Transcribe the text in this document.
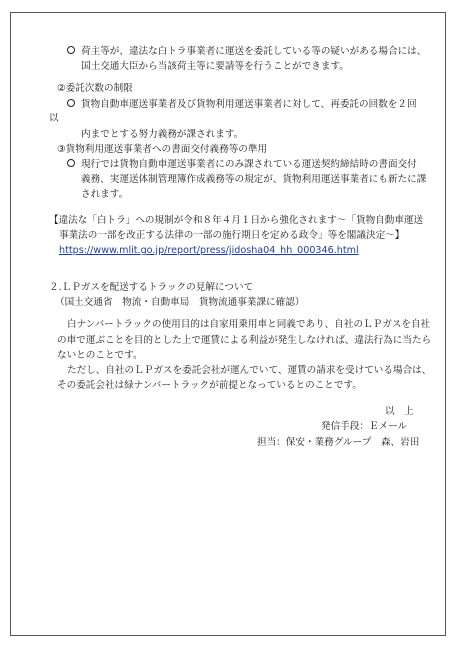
荷主等が、違法な白トラ事業者に運送を委託している等の疑いがある場合には、
国土交通大臣から当該荷主等に要請等を行うことができます。
②委託次数の制限
貨物自動車運送事業者及び貨物利用運送事業者に対して、再委託の回数を２回
以
内までとする努力義務が課されます。
③貨物利用運送事業者への書面交付義務等の準用
現行では貨物自動車運送事業者にのみ課されている運送契約締結時の書面交付
義務、実運送体制管理簿作成義務等の規定が、貨物利用運送事業者にも新たに課
されます。
【違法な「白トラ」への規制が令和８年４月１日から強化されます～「貨物自動車運送
事業法の一部を改正する法律の一部の施行期日を定める政令」等を閣議決定～】
https://www.mlit.go.jp/report/press/jidosha04_hh_000346.html
２.ＬＰガスを配送するトラックの見解について
（国土交通省　物流・自動車局　貨物流通事業課に確認）
白ナンバートラックの使用目的は自家用乗用車と同義であり、自社のＬＰガスを自社
の車で運ぶことを目的とした上で運賃による利益が発生しなければ、違法行為に当たら
ないとのことです。
ただし、自社のＬＰガスを委託会社が運んでいて、運賃の請求を受けている場合は、
その委託会社は緑ナンバートラックが前提となっているとのことです。
以　上
発信手段：Ｅメール
担当：保安・業務グループ　森、岩田
